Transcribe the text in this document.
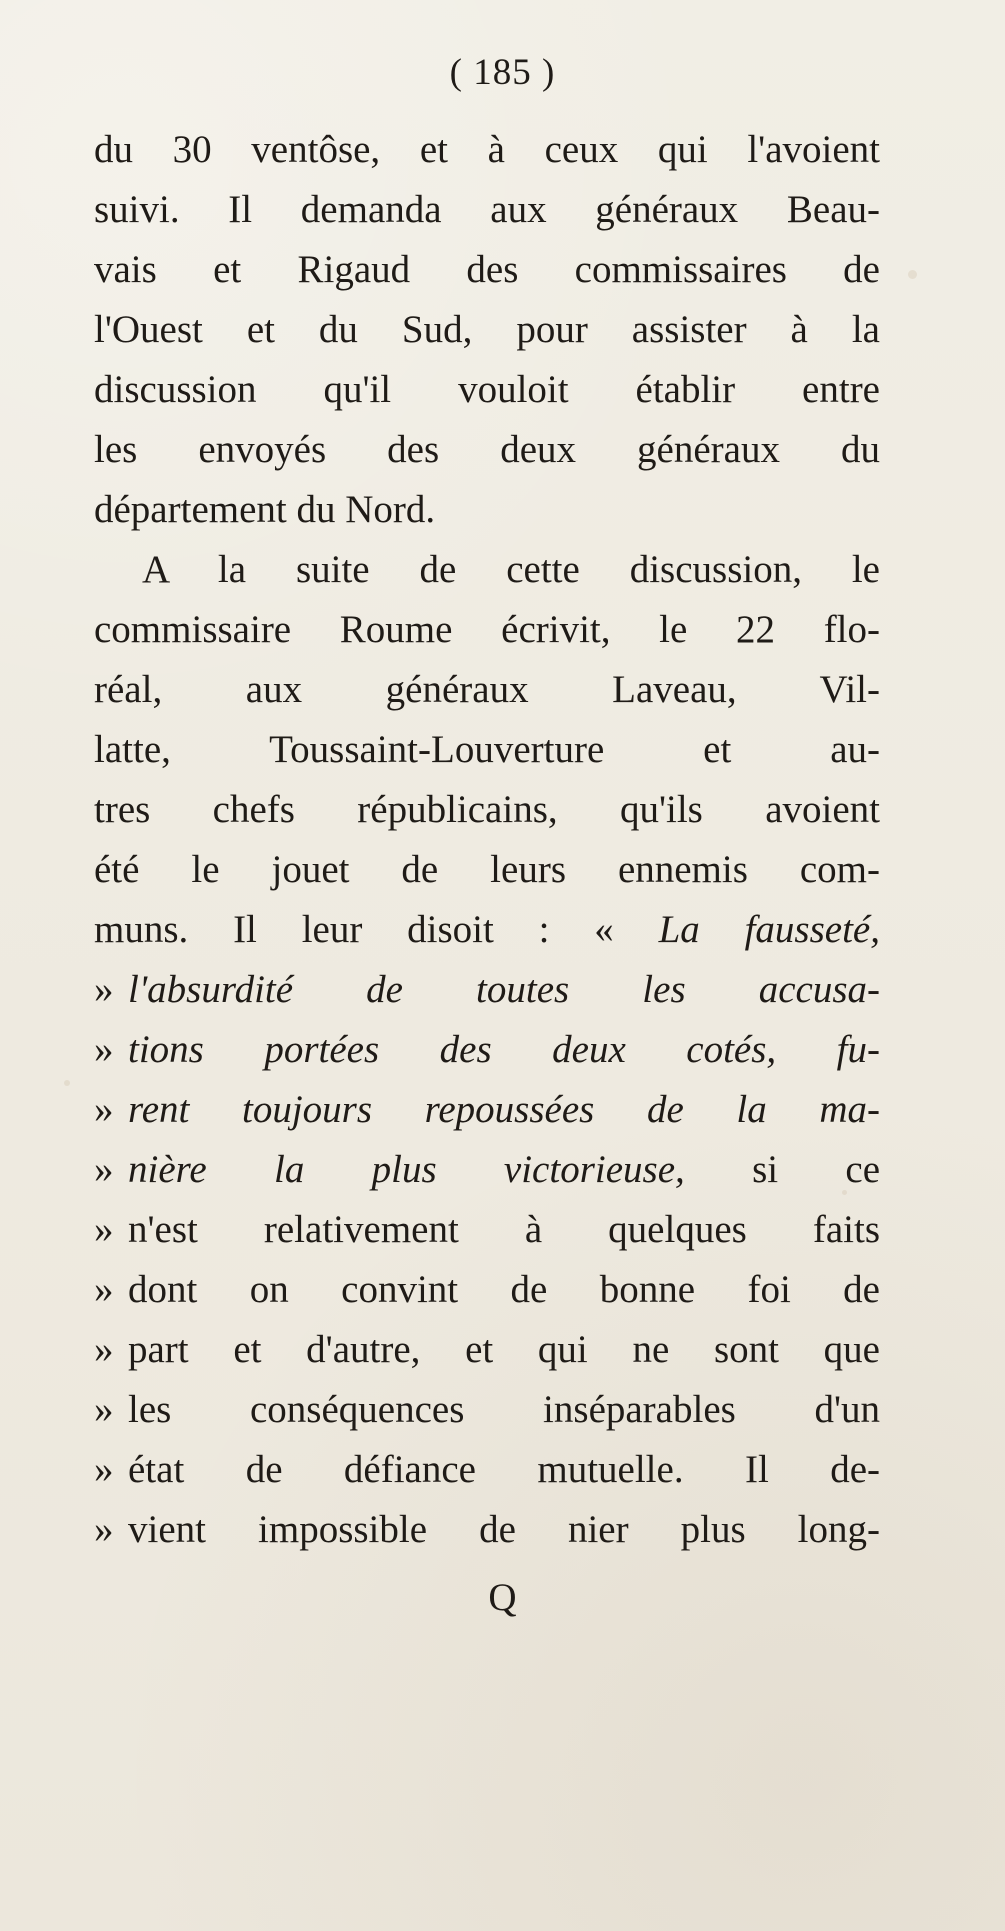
( 185 )
du 30 ventôse, et à ceux qui l'avoient
suivi. Il demanda aux généraux Beau-
vais et Rigaud des commissaires de
l'Ouest et du Sud, pour assister à la
discussion qu'il vouloit établir entre
les envoyés des deux généraux du
département du Nord.
A la suite de cette discussion, le
commissaire Roume écrivit, le 22 flo-
réal, aux généraux Laveau, Vil-
latte, Toussaint-Louverture et au-
tres chefs républicains, qu'ils avoient
été le jouet de leurs ennemis com-
muns. Il leur disoit : « La fausseté,
» l'absurdité de toutes les accusa-
» tions portées des deux cotés, fu-
» rent toujours repoussées de la ma-
» nière la plus victorieuse, si ce
» n'est relativement à quelques faits
» dont on convint de bonne foi de
» part et d'autre, et qui ne sont que
» les conséquences inséparables d'un
» état de défiance mutuelle. Il de-
» vient impossible de nier plus long-
Q
